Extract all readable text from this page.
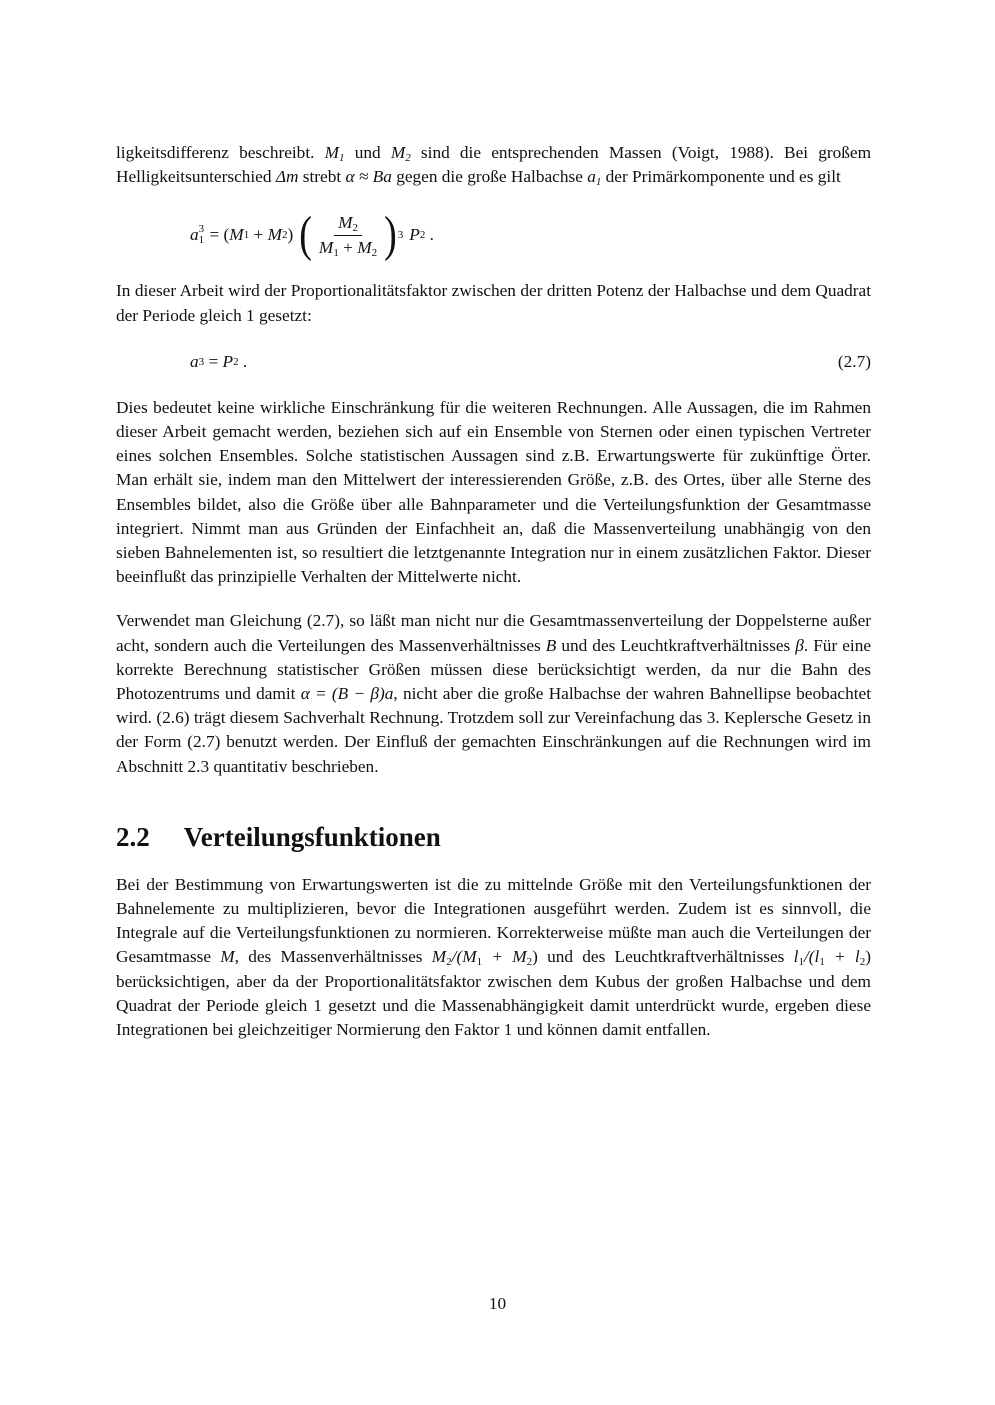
ligkeitsdifferenz beschreibt. $M_1$ und $M_2$ sind die entsprechenden Massen (Voigt, 1988). Bei großem Helligkeitsunterschied Δm strebt α ≈ Ba gegen die große Halbachse $a_1$ der Primärkomponente und es gilt

a 3
1 = ( M 1 + M 2 ) ( $\frac{M_2}{M_1 + M_2}$ ) 3 P 2 .

In dieser Arbeit wird der Proportionalitätsfaktor zwischen der dritten Potenz der Halbachse und dem Quadrat der Periode gleich 1 gesetzt:

a 3 = P 2 .	(2.7)

Dies bedeutet keine wirkliche Einschränkung für die weiteren Rechnungen. Alle Aussagen, die im Rahmen dieser Arbeit gemacht werden, beziehen sich auf ein Ensemble von Sternen oder einen typischen Vertreter eines solchen Ensembles. Solche statistischen Aussagen sind z.B. Erwartungswerte für zukünftige Örter. Man erhält sie, indem man den Mittelwert der interessierenden Größe, z.B. des Ortes, über alle Sterne des Ensembles bildet, also die Größe über alle Bahnparameter und die Verteilungsfunktion der Gesamtmasse integriert. Nimmt man aus Gründen der Einfachheit an, daß die Massenverteilung unabhängig von den sieben Bahnelementen ist, so resultiert die letztgenannte Integration nur in einem zusätzlichen Faktor. Dieser beeinflußt das prinzipielle Verhalten der Mittelwerte nicht.

Verwendet man Gleichung (2.7), so läßt man nicht nur die Gesamtmassenverteilung der Doppelsterne außer acht, sondern auch die Verteilungen des Massenverhältnisses B und des Leuchtkraftverhältnisses β. Für eine korrekte Berechnung statistischer Größen müssen diese berücksichtigt werden, da nur die Bahn des Photozentrums und damit α = (B − β)a, nicht aber die große Halbachse der wahren Bahnellipse beobachtet wird. (2.6) trägt diesem Sachverhalt Rechnung. Trotzdem soll zur Vereinfachung das 3. Keplersche Gesetz in der Form (2.7) benutzt werden. Der Einfluß der gemachten Einschränkungen auf die Rechnungen wird im Abschnitt 2.3 quantitativ beschrieben.

2.2 Verteilungsfunktionen

Bei der Bestimmung von Erwartungswerten ist die zu mittelnde Größe mit den Verteilungsfunktionen der Bahnelemente zu multiplizieren, bevor die Integrationen ausgeführt werden. Zudem ist es sinnvoll, die Integrale auf die Verteilungsfunktionen zu normieren. Korrekterweise müßte man auch die Verteilungen der Gesamtmasse M, des Massenverhältnisses $M_2/(M_1 + M_2)$ und des Leuchtkraftverhältnisses $l_1/(l_1 + l_2)$ berücksichtigen, aber da der Proportionalitätsfaktor zwischen dem Kubus der großen Halbachse und dem Quadrat der Periode gleich 1 gesetzt und die Massenabhängigkeit damit unterdrückt wurde, ergeben diese Integrationen bei gleichzeitiger Normierung den Faktor 1 und können damit entfallen.

10
